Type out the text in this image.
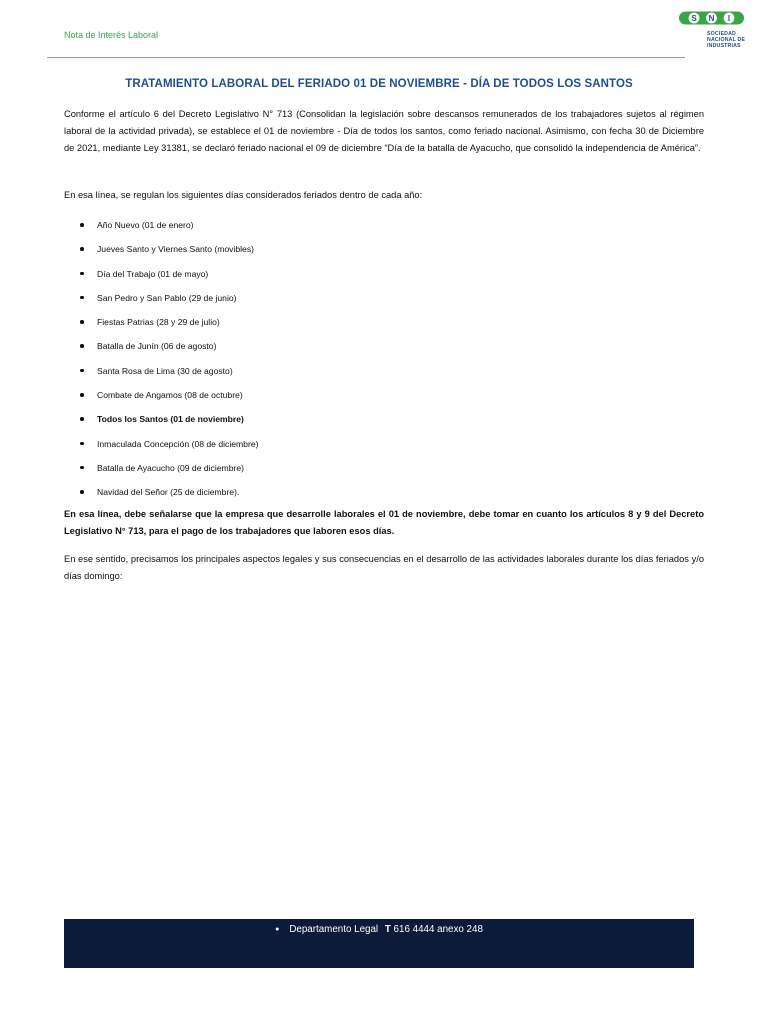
Nota de Interés Laboral
S N I
SOCIEDAD
NACIONAL DE
INDUSTRIAS
TRATAMIENTO LABORAL DEL FERIADO 01 DE NOVIEMBRE - DÍA DE TODOS LOS SANTOS

Conforme el artículo 6 del Decreto Legislativo N° 713 (Consolidan la legislación sobre descansos remunerados de los trabajadores sujetos al régimen laboral de la actividad privada), se establece el 01 de noviembre - Día de todos los santos, como feriado nacional. Asimismo, con fecha 30 de Diciembre de 2021, mediante Ley 31381, se declaró feriado nacional el 09 de diciembre “Día de la batalla de Ayacucho, que consolidó la independencia de América”.

En esa línea, se regulan los siguientes días considerados feriados dentro de cada año:

Año Nuevo (01 de enero)
Jueves Santo y Viernes Santo (movibles)
Día del Trabajo (01 de mayo)
San Pedro y San Pablo (29 de junio)
Fiestas Patrias (28 y 29 de julio)
Batalla de Junín (06 de agosto)
Santa Rosa de Lima (30 de agosto)
Combate de Angamos (08 de octubre)
Todos los Santos (01 de noviembre)
Inmaculada Concepción (08 de diciembre)
Batalla de Ayacucho (09 de diciembre)
Navidad del Señor (25 de diciembre).

En esa línea, debe señalarse que la empresa que desarrolle laborales el 01 de noviembre, debe tomar en cuanto los artículos 8 y 9 del Decreto Legislativo N° 713, para el pago de los trabajadores que laboren esos días.

En ese sentido, precisamos los principales aspectos legales y sus consecuencias en el desarrollo de las actividades laborales durante los días feriados y/o días domingo:

● Departamento Legal T 616 4444 anexo 248
